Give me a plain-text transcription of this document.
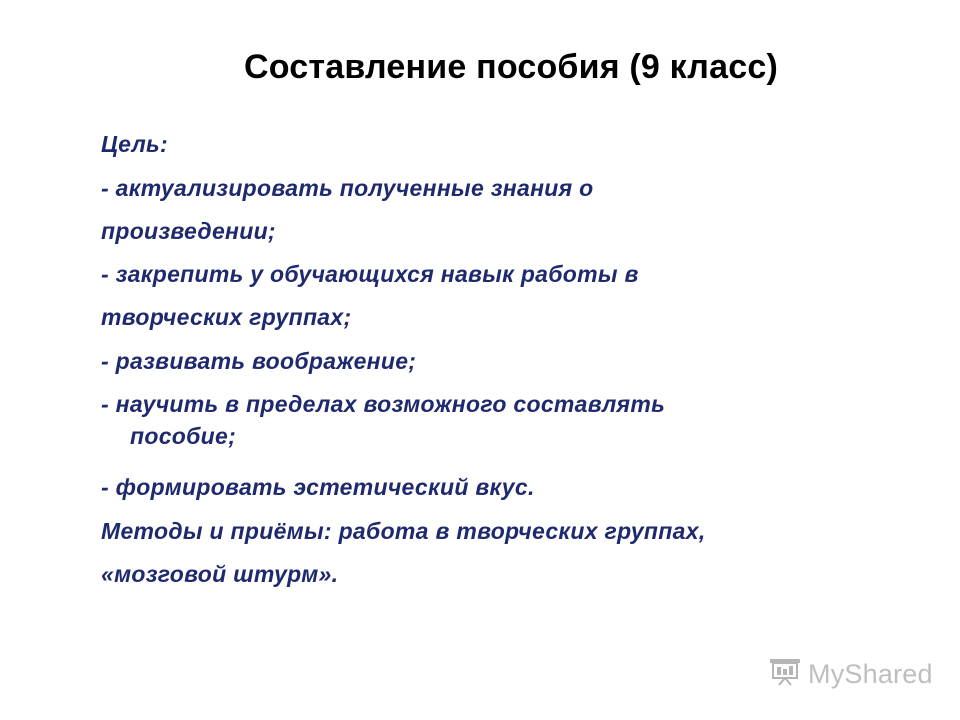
Составление пособия (9 класс)
Цель:
- актуализировать полученные знания о
произведении;
- закрепить у обучающихся навык работы в
творческих группах;
- развивать воображение;
- научить в пределах возможного составлять
пособие;
- формировать эстетический вкус.
Методы и приёмы: работа в творческих группах,
«мозговой штурм».
MyShared
